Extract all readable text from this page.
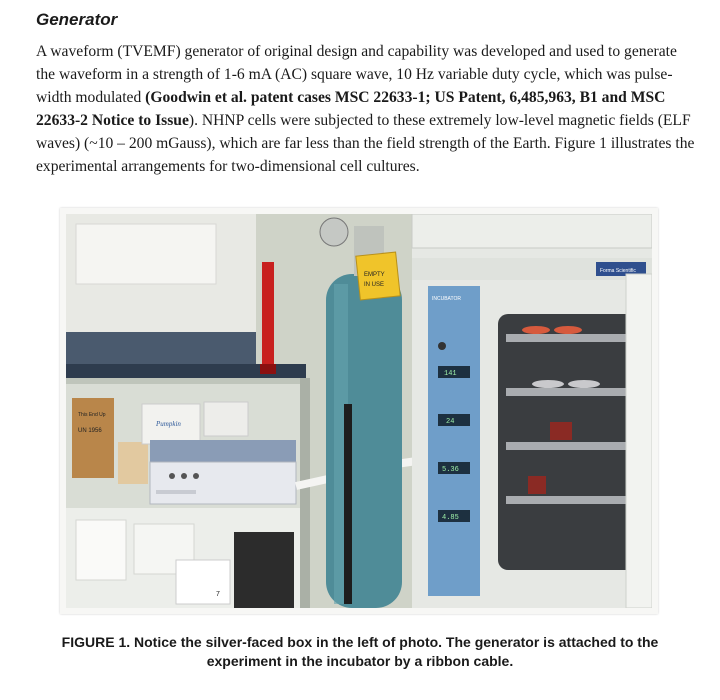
Generator
A waveform (TVEMF) generator of original design and capability was developed and used to generate the waveform in a strength of 1-6 mA (AC) square wave, 10 Hz variable duty cycle, which was pulse-width modulated (Goodwin et al. patent cases MSC 22633-1; US Patent, 6,485,963, B1 and MSC 22633-2 Notice to Issue). NHNP cells were subjected to these extremely low-level magnetic fields (ELF waves) (~10 – 200 mGauss), which are far less than the field strength of the Earth. Figure 1 illustrates the experimental arrangements for two-dimensional cell cultures.
This End Up
UN 1956
Pumpkin
7
EMPTY
IN USE
Forma Scientific
INCUBATOR
141
24
5.36
4.85
FIGURE 1. Notice the silver-faced box in the left of photo. The generator is attached to the experiment in the incubator by a ribbon cable.
